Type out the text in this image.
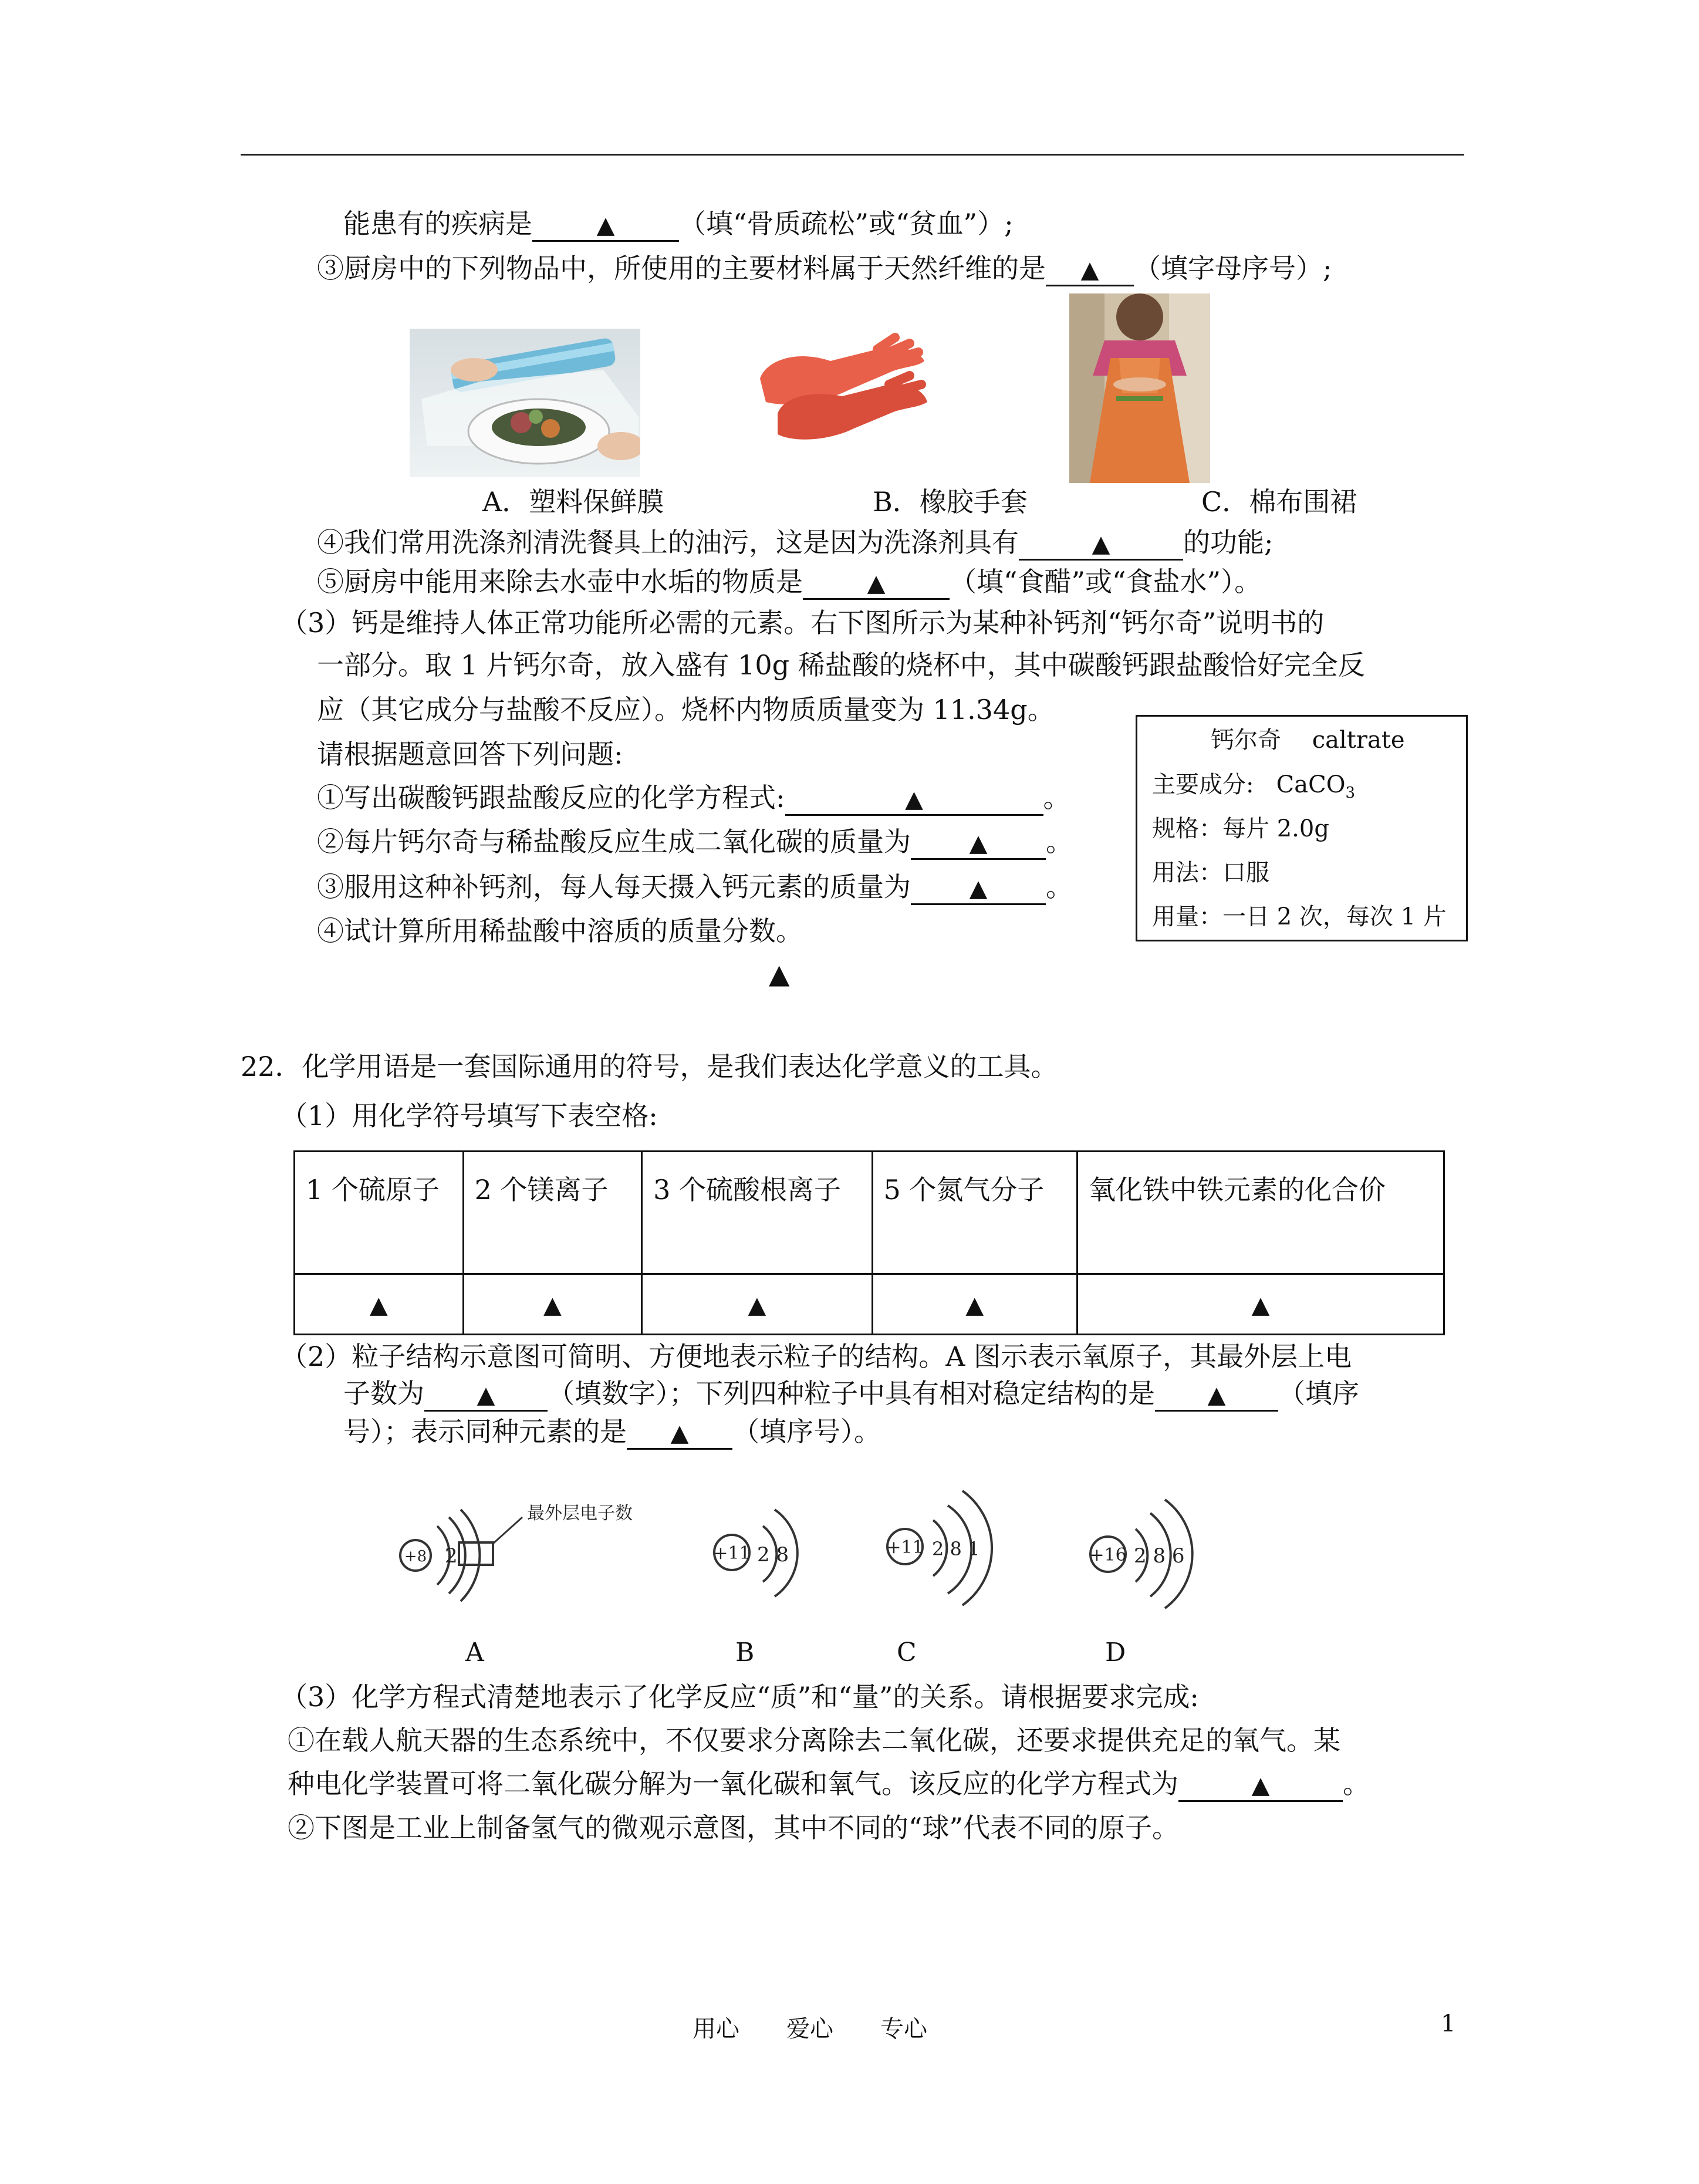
能患有的疾病是	▲ （填“骨质疏松”或“贫血”）;
③厨房中的下列物品中，所使用的主要材料属于天然纤维的是 ▲ （填字母序号）;
A．塑料保鲜膜	B．橡胶手套	C．棉布围裙
④我们常用洗涤剂清洗餐具上的油污，这是因为洗涤剂具有	▲	的功能;
⑤厨房中能用来除去水壶中水垢的物质是	▲ （填“食醋”或“食盐水”）。
（3）钙是维持人体正常功能所必需的元素。右下图所示为某种补钙剂“钙尔奇”说明书的
一部分。取 1 片钙尔奇，放入盛有 10g 稀盐酸的烧杯中，其中碳酸钙跟盐酸恰好完全反
应（其它成分与盐酸不反应）。烧杯内物质质量变为 11.34g。
请根据题意回答下列问题:
①写出碳酸钙跟盐酸反应的化学方程式:	▲	。
②每片钙尔奇与稀盐酸反应生成二氧化碳的质量为 ▲ 。
③服用这种补钙剂，每人每天摄入钙元素的质量为 ▲ 。
④试计算所用稀盐酸中溶质的质量分数。
▲
钙尔奇　 caltrate
主要成分: CaCO$_3$
规格：每片 2.0g
用法：口服
用量：一日 2 次，每次 1 片
22．化学用语是一套国际通用的符号，是我们表达化学意义的工具。
（1）用化学符号填写下表空格:
1 个硫原子	2 个镁离子	3 个硫酸根离子	5 个氮气分子	氧化铁中铁元素的化合价
▲	▲	▲	▲	▲
（2）粒子结构示意图可简明、方便地表示粒子的结构。A 图示表示氧原子，其最外层上电
子数为 ▲ （填数字）；下列四种粒子中具有相对稳定结构的是 ▲ （填序
号）；表示同种元素的是 ▲ （填序号）。
+8 2
最外层电子数
+11 2 8	+11 2 8 1	+16 2 8 6
A	B	C	D
（3）化学方程式清楚地表示了化学反应“质”和“量”的关系。请根据要求完成:
①在载人航天器的生态系统中，不仅要求分离除去二氧化碳，还要求提供充足的氧气。某
种电化学装置可将二氧化碳分解为一氧化碳和氧气。该反应的化学方程式为	▲	。
②下图是工业上制备氢气的微观示意图，其中不同的“球”代表不同的原子。
用心　　爱心　　专心	1
